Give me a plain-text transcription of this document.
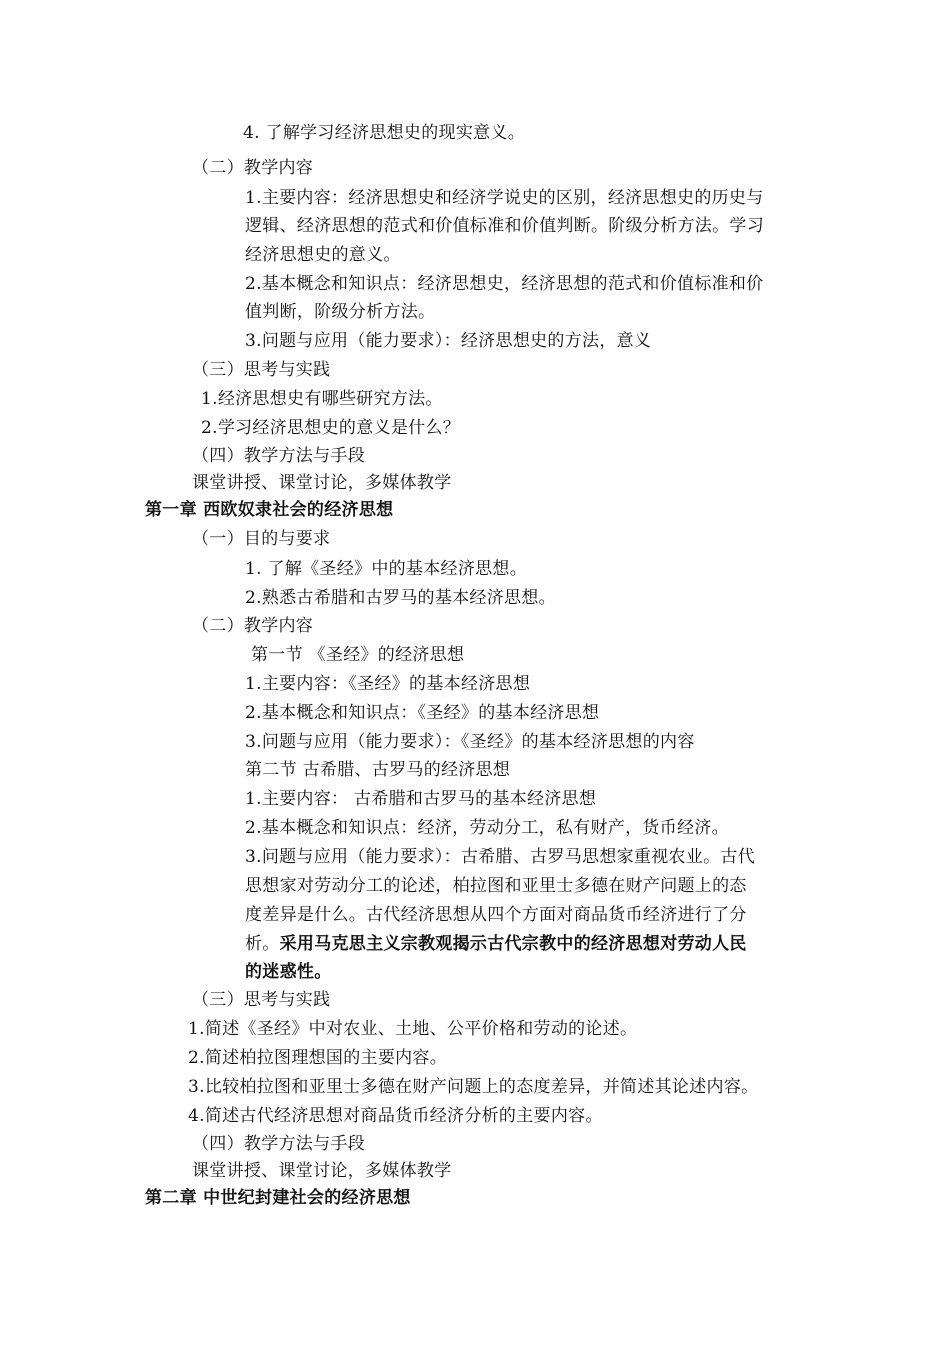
4. 了解学习经济思想史的现实意义。
（二）教学内容
1.主要内容：经济思想史和经济学说史的区别，经济思想史的历史与
逻辑、经济思想的范式和价值标准和价值判断。阶级分析方法。学习
经济思想史的意义。
2.基本概念和知识点：经济思想史，经济思想的范式和价值标准和价
值判断，阶级分析方法。
3.问题与应用（能力要求）：经济思想史的方法，意义
（三）思考与实践
1.经济思想史有哪些研究方法。
2.学习经济思想史的意义是什么？
（四）教学方法与手段
课堂讲授、课堂讨论，多媒体教学
第一章 西欧奴隶社会的经济思想
（一）目的与要求
1. 了解《圣经》中的基本经济思想。
2.熟悉古希腊和古罗马的基本经济思想。
（二）教学内容
第一节 《圣经》的经济思想
1.主要内容：《圣经》的基本经济思想
2.基本概念和知识点：《圣经》的基本经济思想
3.问题与应用（能力要求）：《圣经》的基本经济思想的内容
第二节 古希腊、古罗马的经济思想
1.主要内容： 古希腊和古罗马的基本经济思想
2.基本概念和知识点：经济，劳动分工，私有财产，货币经济。
3.问题与应用（能力要求）：古希腊、古罗马思想家重视农业。古代
思想家对劳动分工的论述，柏拉图和亚里士多德在财产问题上的态
度差异是什么。古代经济思想从四个方面对商品货币经济进行了分
析。采用马克思主义宗教观揭示古代宗教中的经济思想对劳动人民
的迷惑性。
（三）思考与实践
1.简述《圣经》中对农业、土地、公平价格和劳动的论述。
2.简述柏拉图理想国的主要内容。
3.比较柏拉图和亚里士多德在财产问题上的态度差异，并简述其论述内容。
4.简述古代经济思想对商品货币经济分析的主要内容。
（四）教学方法与手段
课堂讲授、课堂讨论，多媒体教学
第二章 中世纪封建社会的经济思想
